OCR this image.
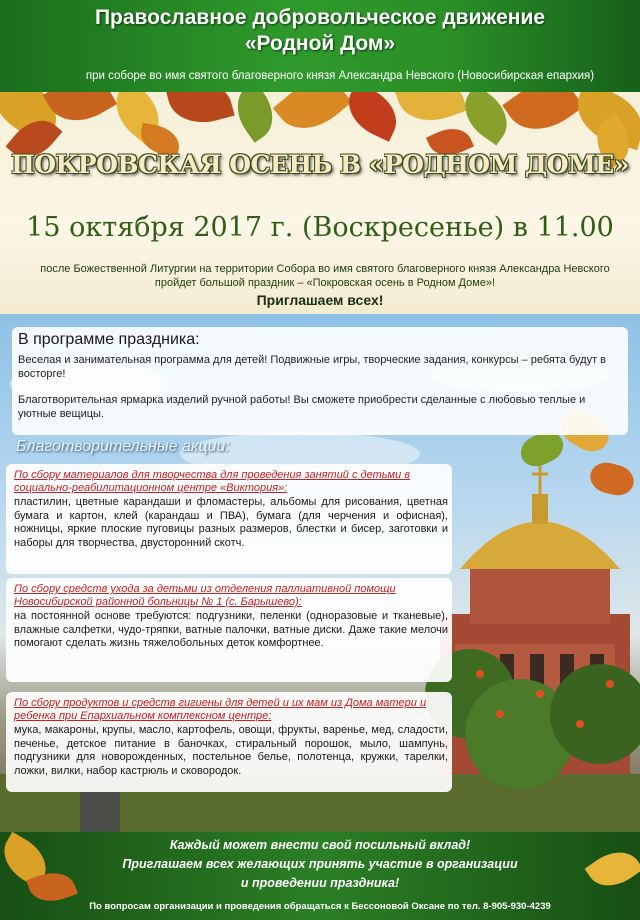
Православное добровольческое движение
«Родной Дом»
при соборе во имя святого благоверного князя Александра Невского (Новосибирская епархия)
ПОКРОВСКАЯ ОСЕНЬ В «РОДНОМ ДОМЕ»
15 октября 2017 г. (Воскресенье) в 11.00
после Божественной Литургии на территории Собора во имя святого благоверного князя Александра Невского
пройдет большой праздник – «Покровская осень в Родном Доме»!
Приглашаем всех!
В программе праздника:
Веселая и занимательная программа для детей! Подвижные игры, творческие задания, конкурсы – ребята будут в восторге!
Благотворительная ярмарка изделий ручной работы! Вы сможете приобрести сделанные с любовью теплые и уютные вещицы.
Благотворительные акции:
По сбору материалов для творчества для проведения занятий с детьми в социально-реабилитационном центре «Виктория»:
пластилин, цветные карандаши и фломастеры, альбомы для рисования, цветная бумага и картон, клей (карандаш и ПВА), бумага (для черчения и офисная), ножницы, яркие плоские пуговицы разных размеров, блестки и бисер, заготовки и наборы для творчества, двусторонний скотч.
По сбору средств ухода за детьми из отделения паллиативной помощи Новосибирской районной больницы № 1 (с. Барышево):
на постоянной основе требуются: подгузники, пеленки (одноразовые и тканевые), влажные салфетки, чудо-тряпки, ватные палочки, ватные диски. Даже такие мелочи помогают сделать жизнь тяжелобольных деток комфортнее.
По сбору продуктов и средств гигиены для детей и их мам из Дома матери и ребенка при Епархиальном комплексном центре:
мука, макароны, крупы, масло, картофель, овощи, фрукты, варенье, мед, сладости, печенье, детское питание в баночках, стиральный порошок, мыло, шампунь, подгузники для новорожденных, постельное белье, полотенца, кружки, тарелки, ложки, вилки, набор кастрюль и сковородок.
Каждый может внести свой посильный вклад!
Приглашаем всех желающих принять участие в организации
и проведении праздника!
По вопросам организации и проведения обращаться к Бессоновой Оксане по тел. 8-905-930-4239
